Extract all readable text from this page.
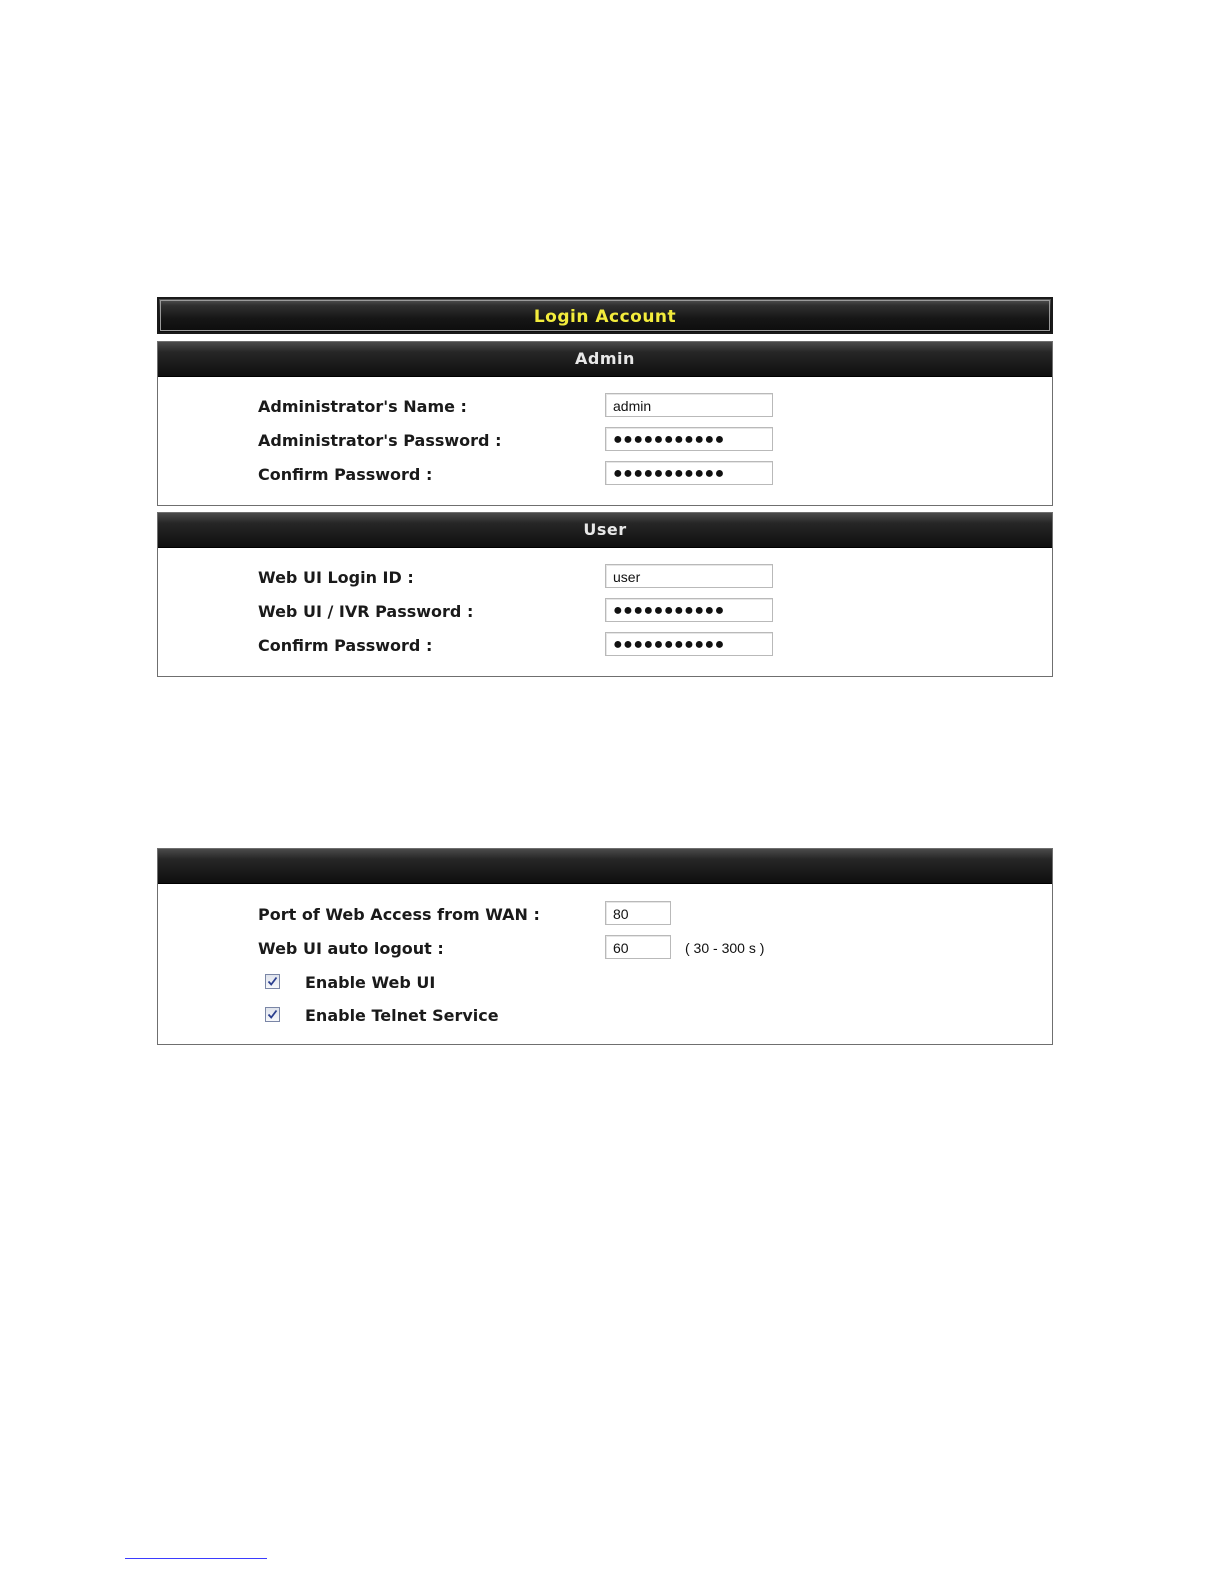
Login Account
Admin
Administrator's Name :	admin
Administrator's Password :	●●●●●●●●●●●
Confirm Password :	●●●●●●●●●●●
User
Web UI Login ID :	user
Web UI / IVR Password :	●●●●●●●●●●●
Confirm Password :	●●●●●●●●●●●
Port of Web Access from WAN :	80
Web UI auto logout :	60	( 30 - 300 s )
Enable Web UI
Enable Telnet Service
